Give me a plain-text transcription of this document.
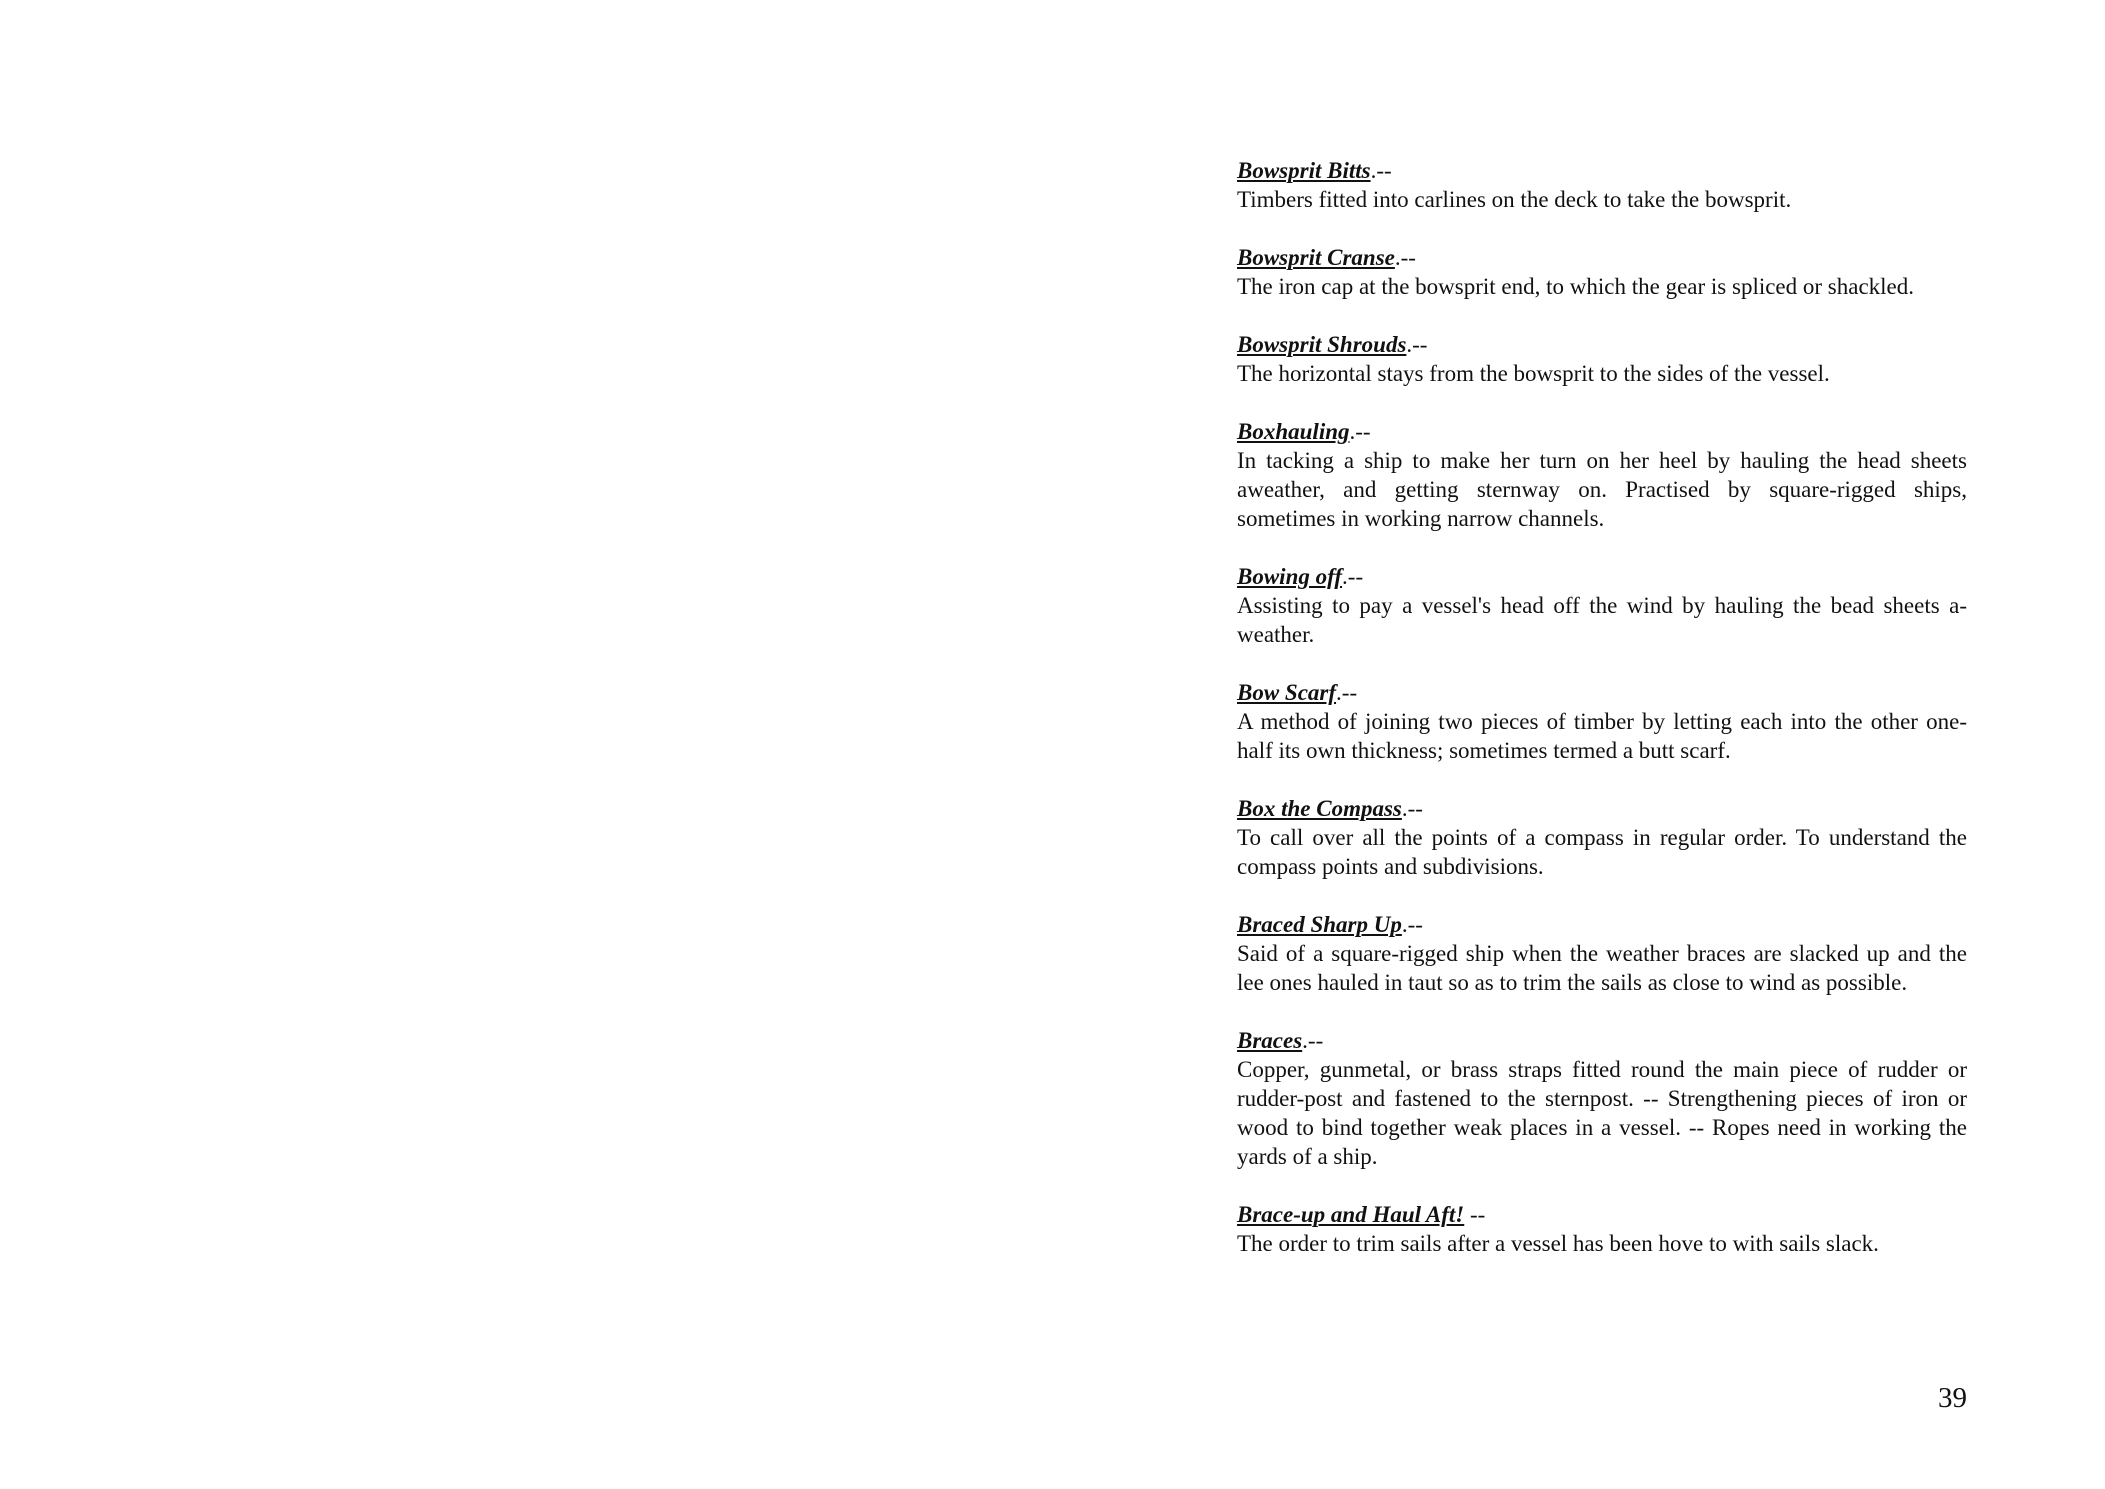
Bowsprit Bitts.--

Timbers fitted into carlines on the deck to take the bowsprit.

Bowsprit Cranse.--

The iron cap at the bowsprit end, to which the gear is spliced or shackled.

Bowsprit Shrouds.--

The horizontal stays from the bowsprit to the sides of the vessel.

Boxhauling.--

In tacking a ship to make her turn on her heel by hauling the head sheets aweather, and getting sternway on. Practised by square-rigged ships, sometimes in working narrow channels.

Bowing off.--

Assisting to pay a vessel's head off the wind by hauling the bead sheets a-weather.

Bow Scarf.--

A method of joining two pieces of timber by letting each into the other one-half its own thickness; sometimes termed a butt scarf.

Box the Compass.--

To call over all the points of a compass in regular order. To understand the compass points and subdivisions.

Braced Sharp Up.--

Said of a square-rigged ship when the weather braces are slacked up and the lee ones hauled in taut so as to trim the sails as close to wind as possible.

Braces.--

Copper, gunmetal, or brass straps fitted round the main piece of rudder or rudder-post and fastened to the sternpost. -- Strengthening pieces of iron or wood to bind together weak places in a vessel. -- Ropes need in working the yards of a ship.

Brace-up and Haul Aft! --

The order to trim sails after a vessel has been hove to with sails slack.

39
